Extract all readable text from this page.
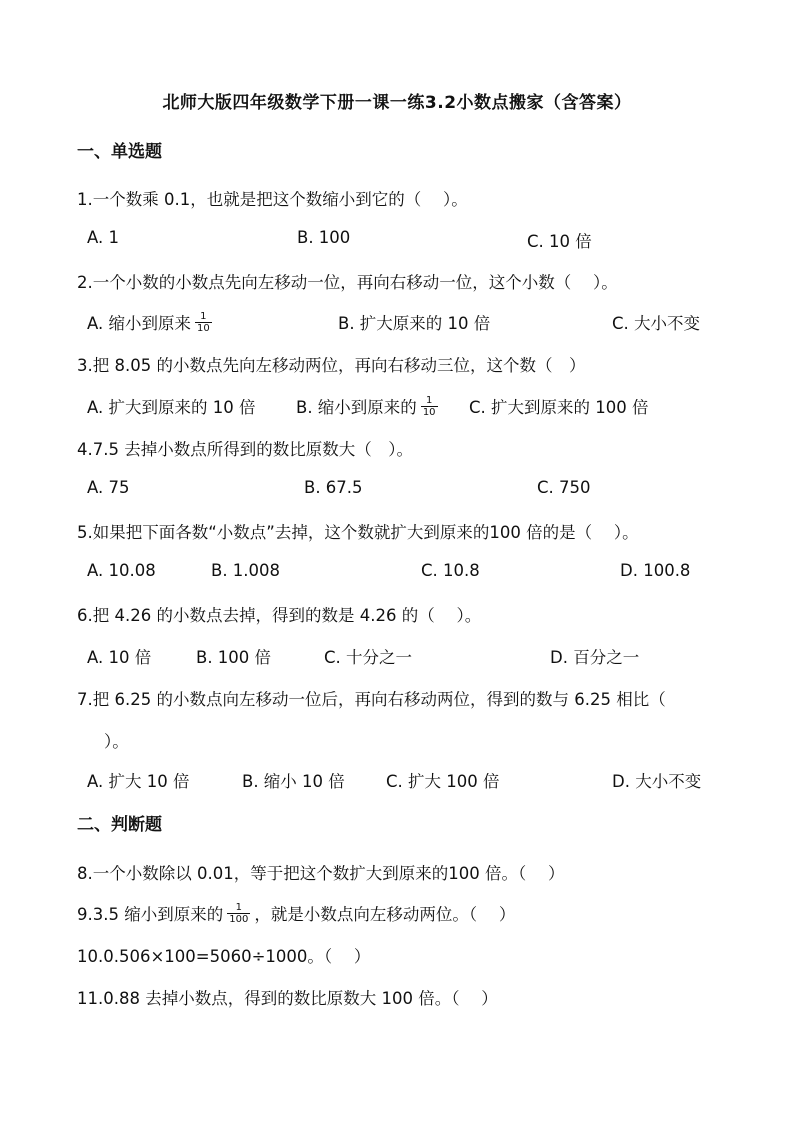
北师大版四年级数学下册一课一练3.2小数点搬家（含答案）
一、单选题
1.一个数乘 0.1，也就是把这个数缩小到它的（　 ）。
A. 1	B. 100	C. 10 倍
2.一个小数的小数点先向左移动一位，再向右移动一位，这个小数（　 ）。
A. 缩小到原来 $\frac{1}{10}$	B. 扩大原来的 10 倍	C. 大小不变
3.把 8.05 的小数点先向左移动两位，再向右移动三位，这个数（　）
A. 扩大到原来的 10 倍 B. 缩小到原来的 $\frac{1}{10} C$. 扩大到原来的 100 倍
4.7.5 去掉小数点所得到的数比原数大（　）。
A. 75	B. 67.5	C. 750
5.如果把下面各数“小数点”去掉，这个数就扩大到原来的100 倍的是（　 ）。
A. 10.08	B. 1.008	C. 10.8	D. 100.8
6.把 4.26 的小数点去掉，得到的数是 4.26 的（　 ）。
A. 10 倍	B. 100 倍	C. 十分之一	D. 百分之一
7.把 6.25 的小数点向左移动一位后，再向右移动两位，得到的数与 6.25 相比（
）。
A. 扩大 10 倍	B. 缩小 10 倍 C. 扩大 100 倍	D. 大小不变
二、判断题
8.一个小数除以 0.01，等于把这个数扩大到原来的100 倍。（　 ）
9.3.5 缩小到原来的 $\frac{1}{100}$ ，就是小数点向左移动两位。（　 ）
10.0.506×100=5060÷1000。（　 ）
11.0.88 去掉小数点，得到的数比原数大 100 倍。（　 ）
